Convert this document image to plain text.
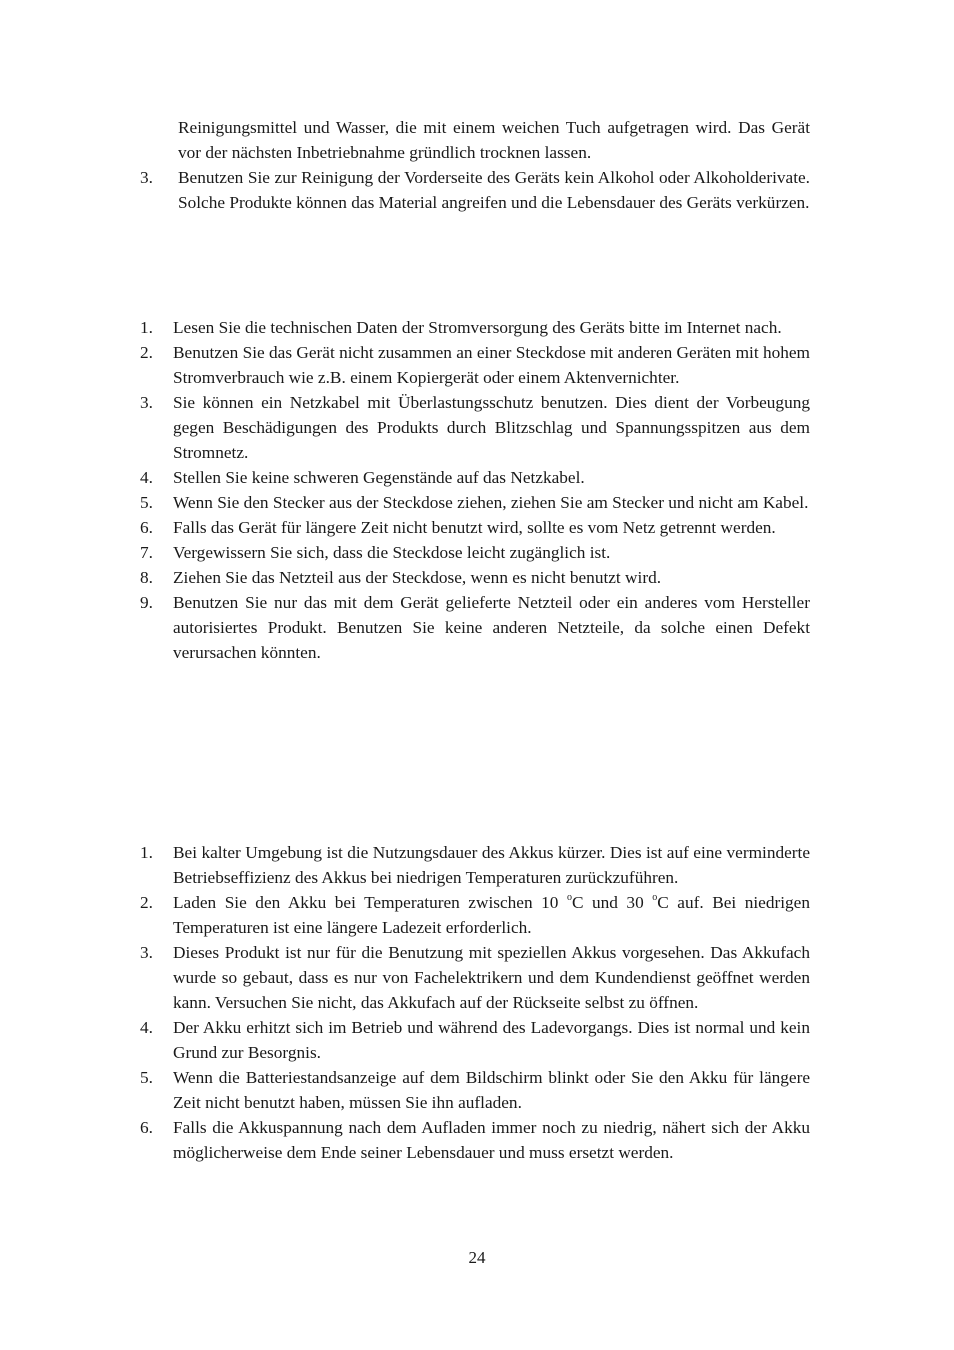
Reinigungsmittel und Wasser, die mit einem weichen Tuch aufgetragen wird. Das Gerät vor der nächsten Inbetriebnahme gründlich trocknen lassen.
3. Benutzen Sie zur Reinigung der Vorderseite des Geräts kein Alkohol oder Alkoholderivate. Solche Produkte können das Material angreifen und die Lebensdauer des Geräts verkürzen.
1. Lesen Sie die technischen Daten der Stromversorgung des Geräts bitte im Internet nach.
2. Benutzen Sie das Gerät nicht zusammen an einer Steckdose mit anderen Geräten mit hohem Stromverbrauch wie z.B. einem Kopiergerät oder einem Aktenvernichter.
3. Sie können ein Netzkabel mit Überlastungsschutz benutzen. Dies dient der Vorbeugung gegen Beschädigungen des Produkts durch Blitzschlag und Spannungsspitzen aus dem Stromnetz.
4. Stellen Sie keine schweren Gegenstände auf das Netzkabel.
5. Wenn Sie den Stecker aus der Steckdose ziehen, ziehen Sie am Stecker und nicht am Kabel.
6. Falls das Gerät für längere Zeit nicht benutzt wird, sollte es vom Netz getrennt werden.
7. Vergewissern Sie sich, dass die Steckdose leicht zugänglich ist.
8. Ziehen Sie das Netzteil aus der Steckdose, wenn es nicht benutzt wird.
9. Benutzen Sie nur das mit dem Gerät gelieferte Netzteil oder ein anderes vom Hersteller autorisiertes Produkt. Benutzen Sie keine anderen Netzteile, da solche einen Defekt verursachen könnten.
1. Bei kalter Umgebung ist die Nutzungsdauer des Akkus kürzer. Dies ist auf eine verminderte Betriebseffizienz des Akkus bei niedrigen Temperaturen zurückzuführen.
2. Laden Sie den Akku bei Temperaturen zwischen 10 $^o$C und 30 $^o$C auf. Bei niedrigen Temperaturen ist eine längere Ladezeit erforderlich.
3. Dieses Produkt ist nur für die Benutzung mit speziellen Akkus vorgesehen. Das Akkufach wurde so gebaut, dass es nur von Fachelektrikern und dem Kundendienst geöffnet werden kann. Versuchen Sie nicht, das Akkufach auf der Rückseite selbst zu öffnen.
4. Der Akku erhitzt sich im Betrieb und während des Ladevorgangs. Dies ist normal und kein Grund zur Besorgnis.
5. Wenn die Batteriestandsanzeige auf dem Bildschirm blinkt oder Sie den Akku für längere Zeit nicht benutzt haben, müssen Sie ihn aufladen.
6. Falls die Akkuspannung nach dem Aufladen immer noch zu niedrig, nähert sich der Akku möglicherweise dem Ende seiner Lebensdauer und muss ersetzt werden.
24
